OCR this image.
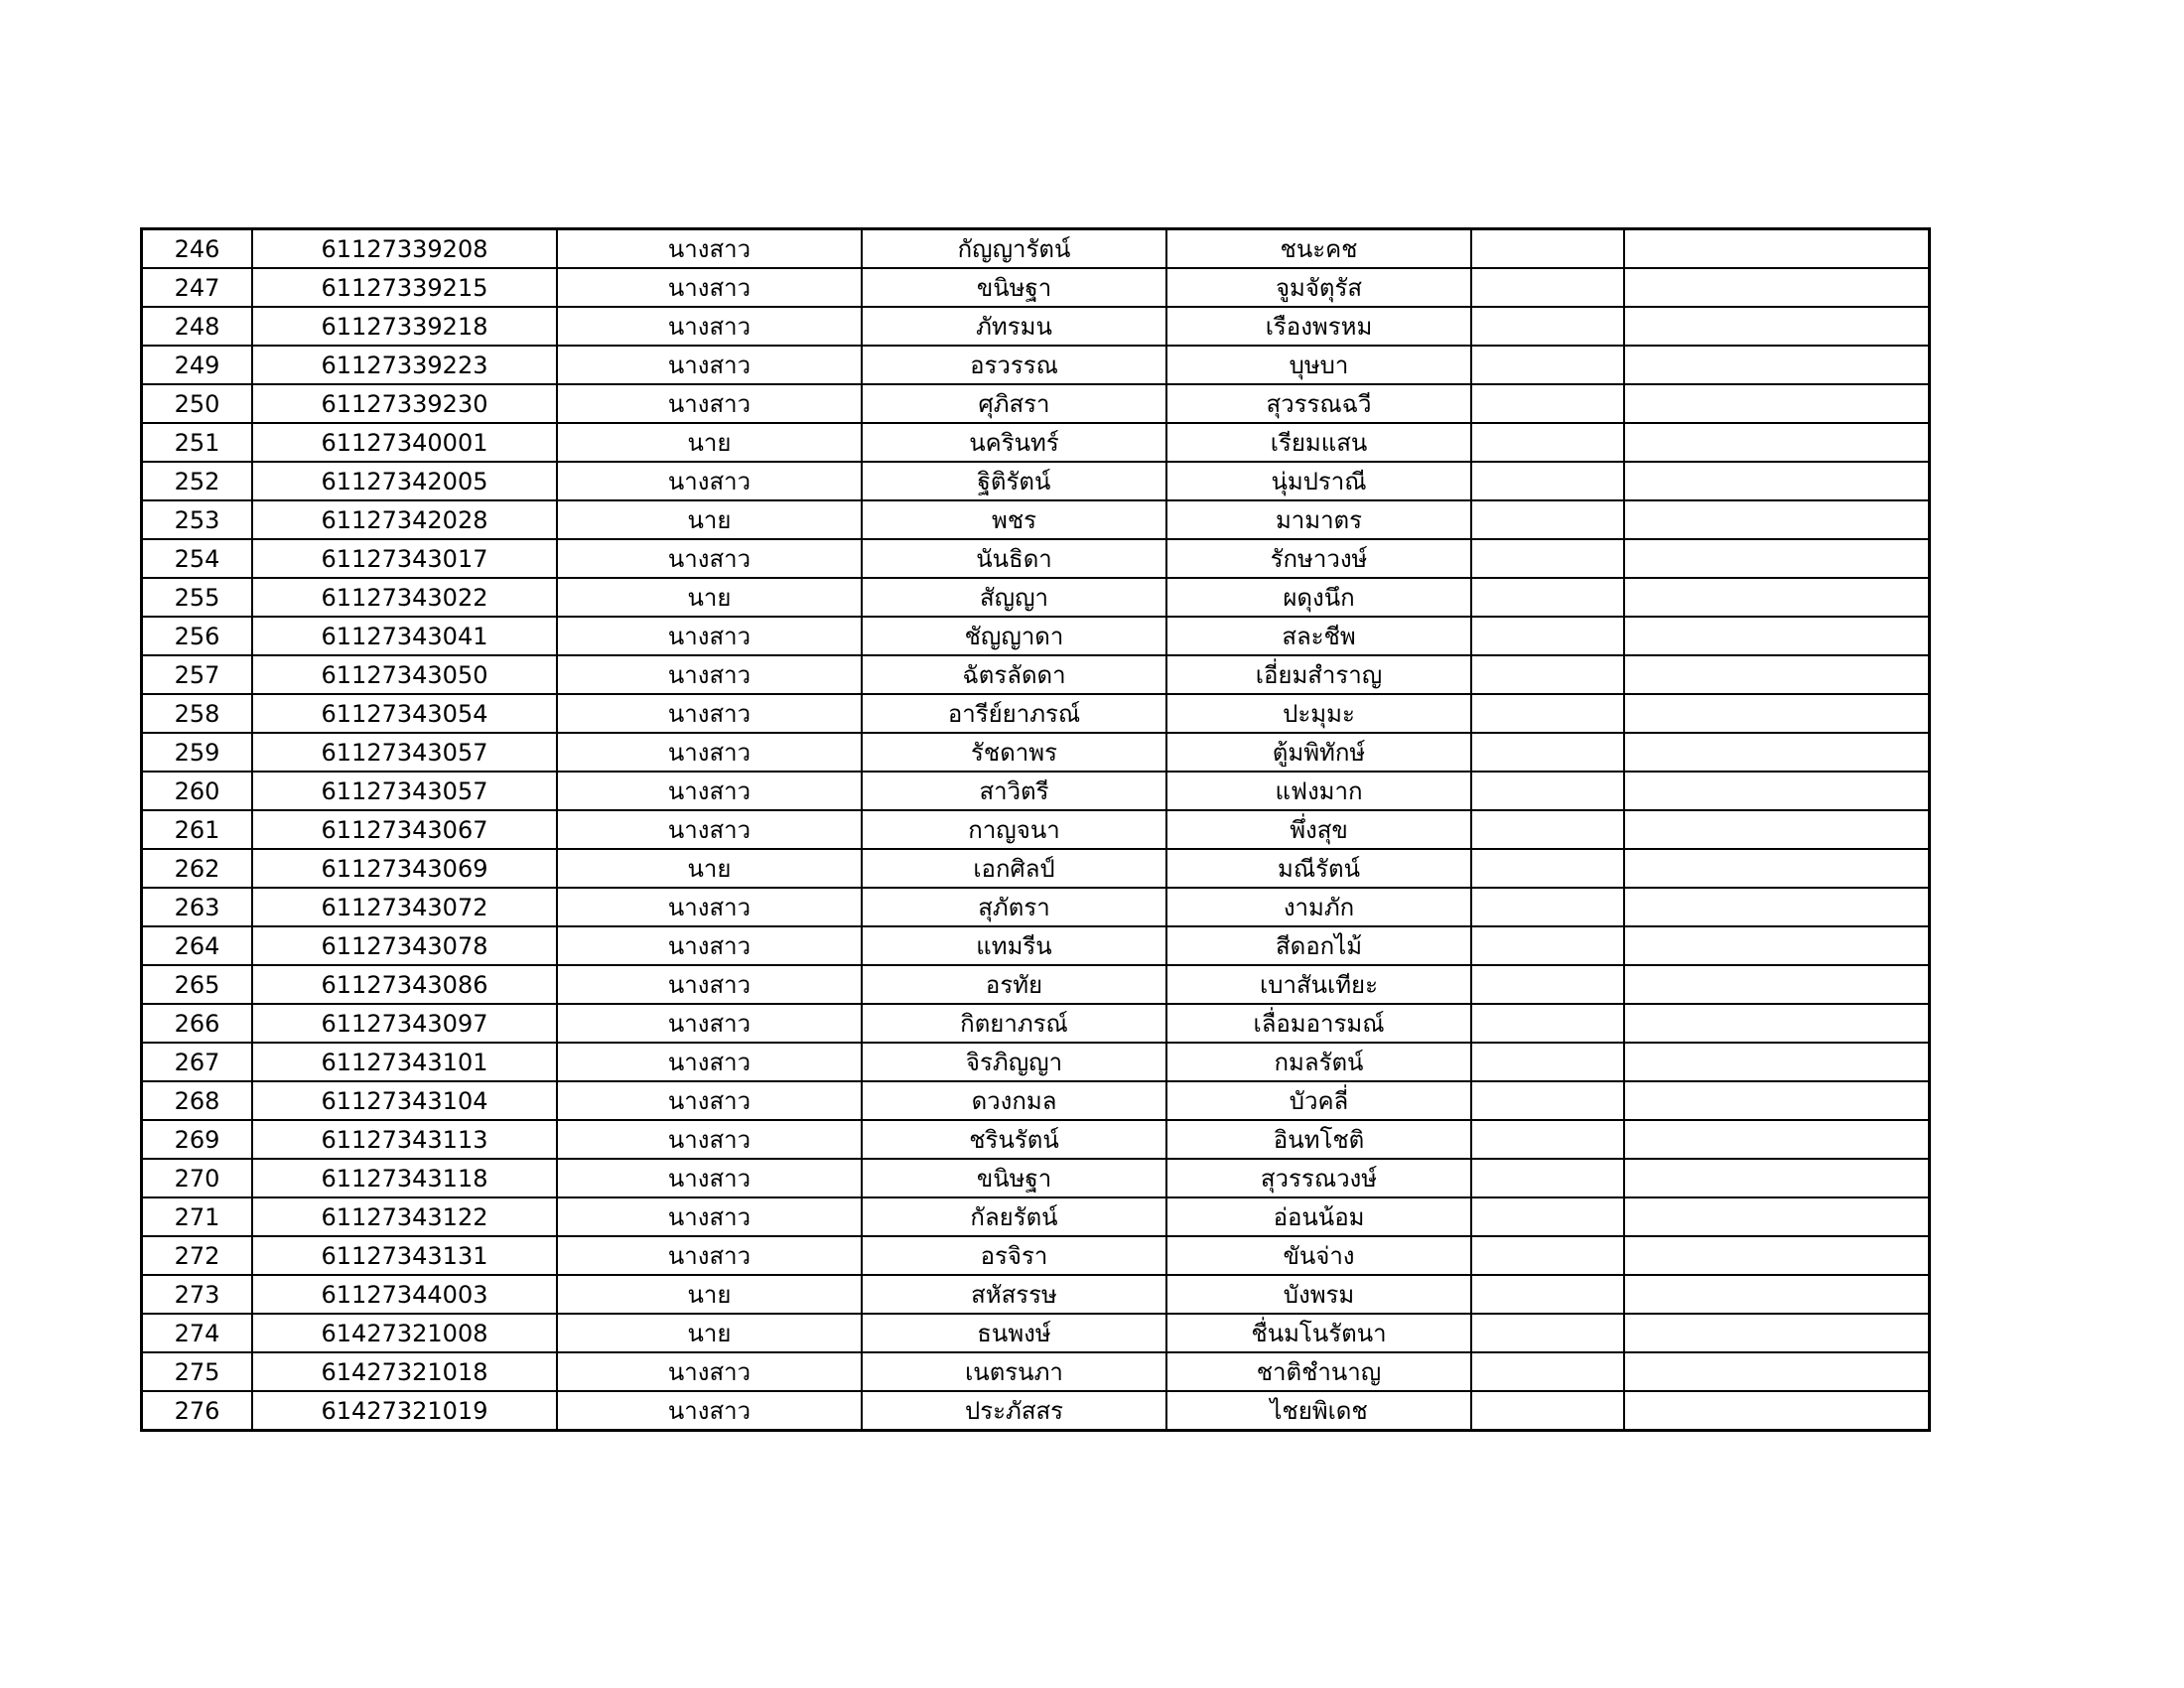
246	61127339208	นางสาว	กัญญารัตน์	ชนะคช		
247	61127339215	นางสาว	ขนิษฐา	จูมจัตุรัส		
248	61127339218	นางสาว	ภัทรมน	เรืองพรหม		
249	61127339223	นางสาว	อรวรรณ	บุษบา		
250	61127339230	นางสาว	ศุภิสรา	สุวรรณฉวี		
251	61127340001	นาย	นครินทร์	เรียมแสน		
252	61127342005	นางสาว	ฐิติรัตน์	นุ่มปราณี		
253	61127342028	นาย	พชร	มามาตร		
254	61127343017	นางสาว	นันธิดา	รักษาวงษ์		
255	61127343022	นาย	สัญญา	ผดุงนึก		
256	61127343041	นางสาว	ชัญญาดา	สละชีพ		
257	61127343050	นางสาว	ฉัตรลัดดา	เอี่ยมสำราญ		
258	61127343054	นางสาว	อารีย์ยาภรณ์	ปะมุมะ		
259	61127343057	นางสาว	รัชดาพร	ตู้มพิทักษ์		
260	61127343057	นางสาว	สาวิตรี	แฟงมาก		
261	61127343067	นางสาว	กาญจนา	พึ่งสุข		
262	61127343069	นาย	เอกศิลป์	มณีรัตน์		
263	61127343072	นางสาว	สุภัตรา	งามภัก		
264	61127343078	นางสาว	แทมรีน	สีดอกไม้		
265	61127343086	นางสาว	อรทัย	เบาสันเทียะ		
266	61127343097	นางสาว	กิตยาภรณ์	เลื่อมอารมณ์		
267	61127343101	นางสาว	จิรภิญญา	กมลรัตน์		
268	61127343104	นางสาว	ดวงกมล	บัวคลี่		
269	61127343113	นางสาว	ชรินรัตน์	อินทโชติ		
270	61127343118	นางสาว	ขนิษฐา	สุวรรณวงษ์		
271	61127343122	นางสาว	กัลยรัตน์	อ่อนน้อม		
272	61127343131	นางสาว	อรจิรา	ขันจ่าง		
273	61127344003	นาย	สหัสรรษ	บังพรม		
274	61427321008	นาย	ธนพงษ์	ชื่นมโนรัตนา		
275	61427321018	นางสาว	เนตรนภา	ชาติชำนาญ		
276	61427321019	นางสาว	ประภัสสร	ไชยพิเดช		
